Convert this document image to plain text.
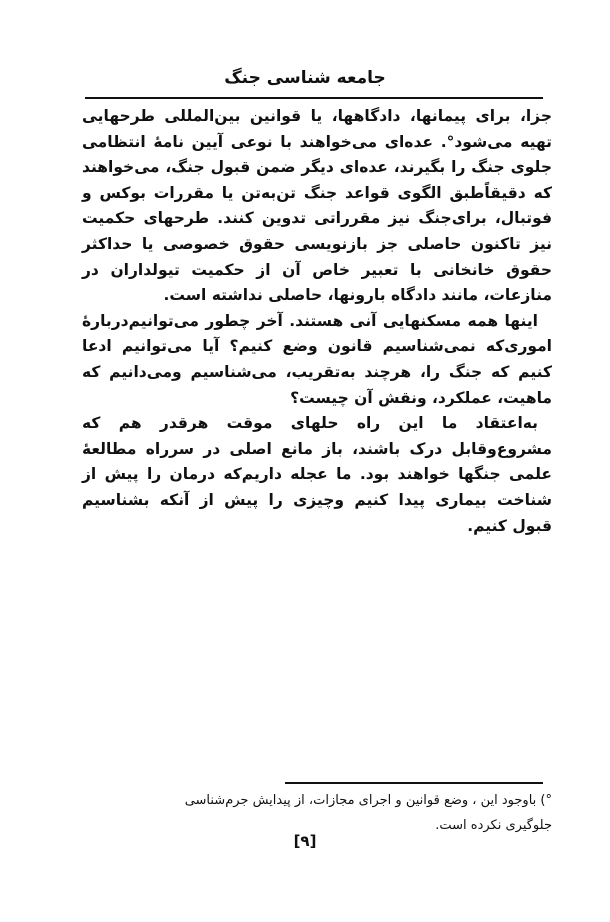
جامعه شناسی جنگ

جزا، برای پیمانها، دادگاهها، یا قوانین بین‌المللی طرحهایی تهیه می‌شود°. عده‌ای می‌خواهند با نوعی آیین نامهٔ انتظامی جلوی جنگ را بگیرند، عده‌ای دیگر ضمن قبول جنگ، می‌خواهند که دقیقاًطبق الگوی قواعد جنگ تن‌به‌تن یا مقررات بوکس و فوتبال، برای‌جنگ نیز مقرراتی تدوین کنند. طرحهای حکمیت نیز تاکنون حاصلی جز بازنویسی حقوق خصوصی یا حداکثر حقوق خانخانی با تعبیر خاص آن از حکمیت تیولداران در منازعات، مانند دادگاه بارونها، حاصلی نداشته است.

اینها همه مسکنهایی آنی هستند. آخر چطور می‌توانیم‌دربارهٔ اموری‌که نمی‌شناسیم قانون وضع کنیم؟ آیا می‌توانیم ادعا کنیم که جنگ را، هرچند به‌تقریب، می‌شناسیم ومی‌دانیم که ماهیت، عملکرد، ونقش آن چیست؟

به‌اعتقاد ما این راه حلهای موقت هرقدر هم که مشروع‌وقابل درک باشند، باز مانع اصلی در سرراه مطالعهٔ علمی جنگها خواهند بود. ما عجله داریم‌که درمان را پیش از شناخت بیماری پیدا کنیم وچیزی را پیش از آنکه بشناسیم قبول کنیم.

°) باوجود این ، وضع قوانین و اجرای مجازات، از پیدایش جرم‌شناسی
جلوگیری نکرده است.
[۹]
